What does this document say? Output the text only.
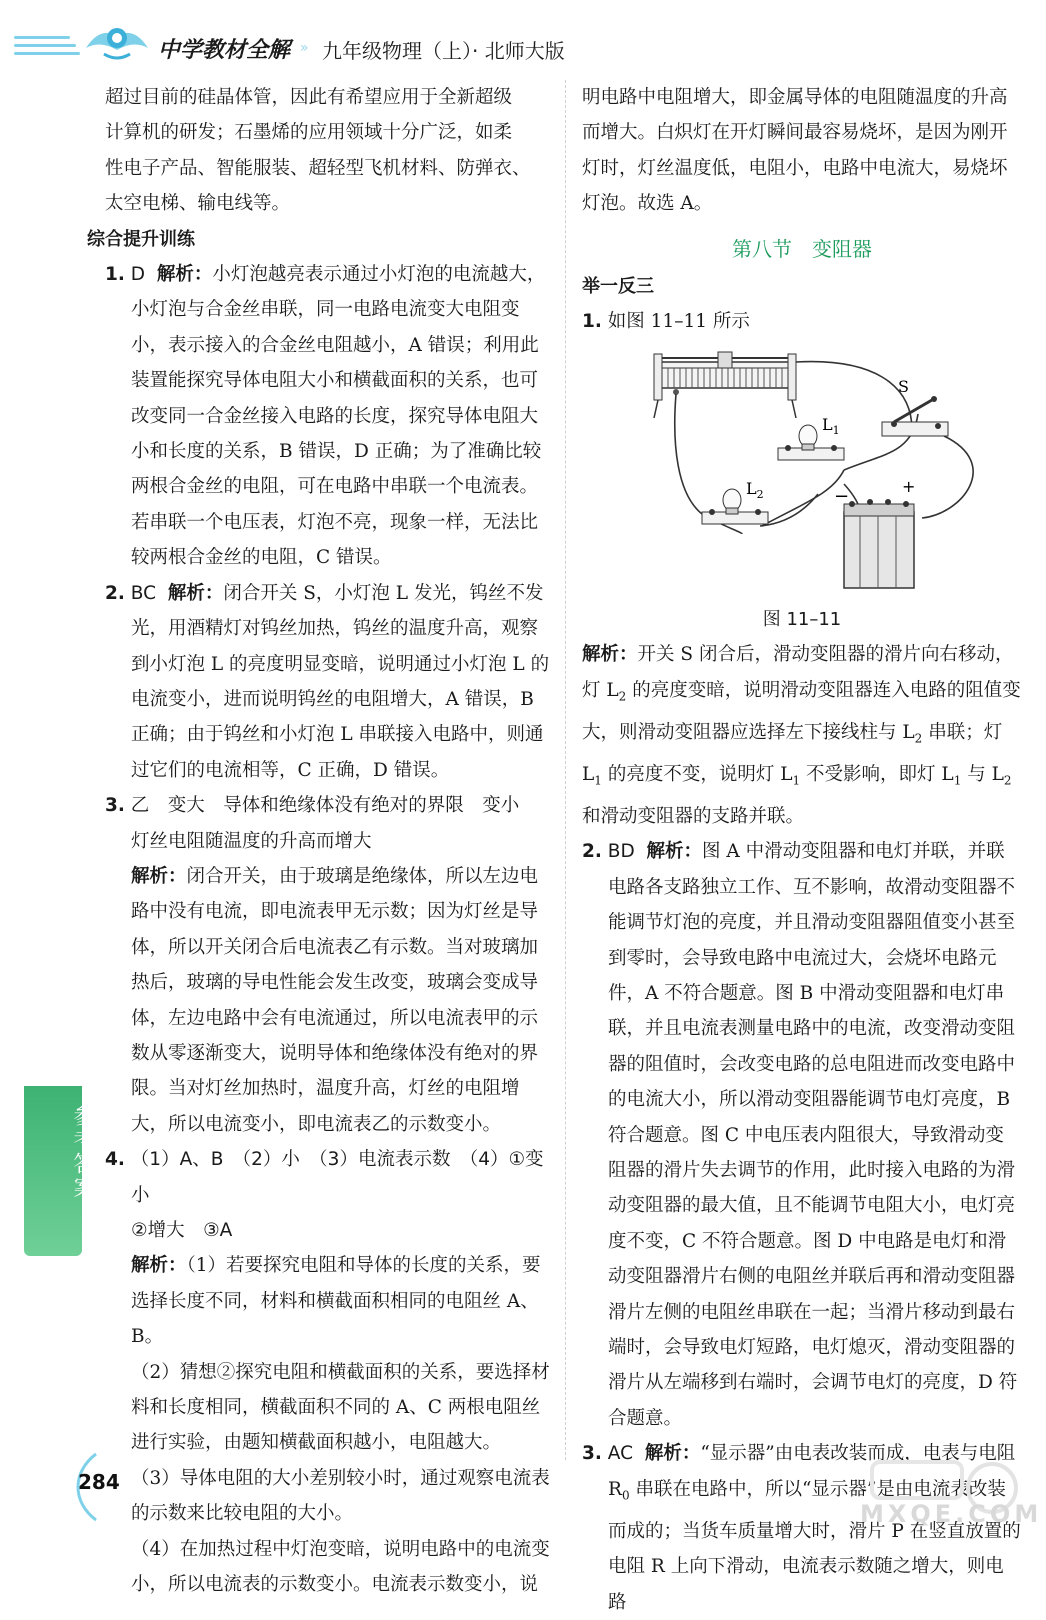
中学教材全解 » 九年级物理（上）· 北师大版

超过目前的硅晶体管，因此有希望应用于全新超级

计算机的研发；石墨烯的应用领域十分广泛，如柔

性电子产品、智能服装、超轻型飞机材料、防弹衣、

太空电梯、输电线等。

综合提升训练

1. D 解析：小灯泡越亮表示通过小灯泡的电流越大，小灯泡与合金丝串联，同一电路电流变大电阻变小，表示接入的合金丝电阻越小，A 错误；利用此装置能探究导体电阻大小和横截面积的关系，也可改变同一合金丝接入电路的长度，探究导体电阻大小和长度的关系，B 错误，D 正确；为了准确比较两根合金丝的电阻，可在电路中串联一个电流表。若串联一个电压表，灯泡不亮，现象一样，无法比较两根合金丝的电阻，C 错误。

2. BC 解析：闭合开关 S，小灯泡 L 发光，钨丝不发光，用酒精灯对钨丝加热，钨丝的温度升高，观察到小灯泡 L 的亮度明显变暗，说明通过小灯泡 L 的电流变小，进而说明钨丝的电阻增大，A 错误，B 正确；由于钨丝和小灯泡 L 串联接入电路中，则通过它们的电流相等，C 正确，D 错误。

3. 乙　变大　导体和绝缘体没有绝对的界限　变小

灯丝电阻随温度的升高而增大

解析：闭合开关，由于玻璃是绝缘体，所以左边电路中没有电流，即电流表甲无示数；因为灯丝是导体，所以开关闭合后电流表乙有示数。当对玻璃加热后，玻璃的导电性能会发生改变，玻璃会变成导体，左边电路中会有电流通过，所以电流表甲的示数从零逐渐变大，说明导体和绝缘体没有绝对的界限。当对灯丝加热时，温度升高，灯丝的电阻增大，所以电流变小，即电流表乙的示数变小。

4. （1）A、B　（2）小　（3）电流表示数　（4）①变小

②增大　③A

解析：（1）若要探究电阻和导体的长度的关系，要选择长度不同，材料和横截面积相同的电阻丝 A、B。

（2）猜想②探究电阻和横截面积的关系，要选择材料和长度相同，横截面积不同的 A、C 两根电阻丝进行实验，由题知横截面积越小，电阻越大。

（3）导体电阻的大小差别较小时，通过观察电流表的示数来比较电阻的大小。

（4）在加热过程中灯泡变暗，说明电路中的电流变小，所以电流表的示数变小。电流表示数变小，说

明电路中电阻增大，即金属导体的电阻随温度的升高而增大。白炽灯在开灯瞬间最容易烧坏，是因为刚开灯时，灯丝温度低，电阻小，电路中电流大，易烧坏灯泡。故选 A。

第八节　变阻器

举一反三

1. 如图 11–11 所示

S
$L_1$
$L_2$	−	+

图 11–11

解析：开关 S 闭合后，滑动变阻器的滑片向右移动，灯 $L_2$ 的亮度变暗，说明滑动变阻器连入电路的阻值变大，则滑动变阻器应选择左下接线柱与 $L_2$ 串联；灯 $L_1$ 的亮度不变，说明灯 $L_1$ 不受影响，即灯 $L_1$ 与 $L_2$ 和滑动变阻器的支路并联。

2. BD 解析：图 A 中滑动变阻器和电灯并联，并联电路各支路独立工作、互不影响，故滑动变阻器不能调节灯泡的亮度，并且滑动变阻器阻值变小甚至到零时，会导致电路中电流过大，会烧坏电路元件，A 不符合题意。图 B 中滑动变阻器和电灯串联，并且电流表测量电路中的电流，改变滑动变阻器的阻值时，会改变电路的总电阻进而改变电路中的电流大小，所以滑动变阻器能调节电灯亮度，B 符合题意。图 C 中电压表内阻很大，导致滑动变阻器的滑片失去调节的作用，此时接入电路的为滑动变阻器的最大值，且不能调节电阻大小，电灯亮度不变，C 不符合题意。图 D 中电路是电灯和滑动变阻器滑片右侧的电阻丝并联后再和滑动变阻器滑片左侧的电阻丝串联在一起；当滑片移动到最右端时，会导致电灯短路，电灯熄灭，滑动变阻器的滑片从左端移到右端时，会调节电灯的亮度，D 符合题意。

3. AC 解析：“显示器”由电表改装而成，电表与电阻 $R_0$ 串联在电路中，所以“显示器”是由电流表改装而成的；当货车质量增大时，滑片 P 在竖直放置的电阻 R 上向下滑动，电流表示数随之增大，则电路

参考答案
284
MXQE.COM
